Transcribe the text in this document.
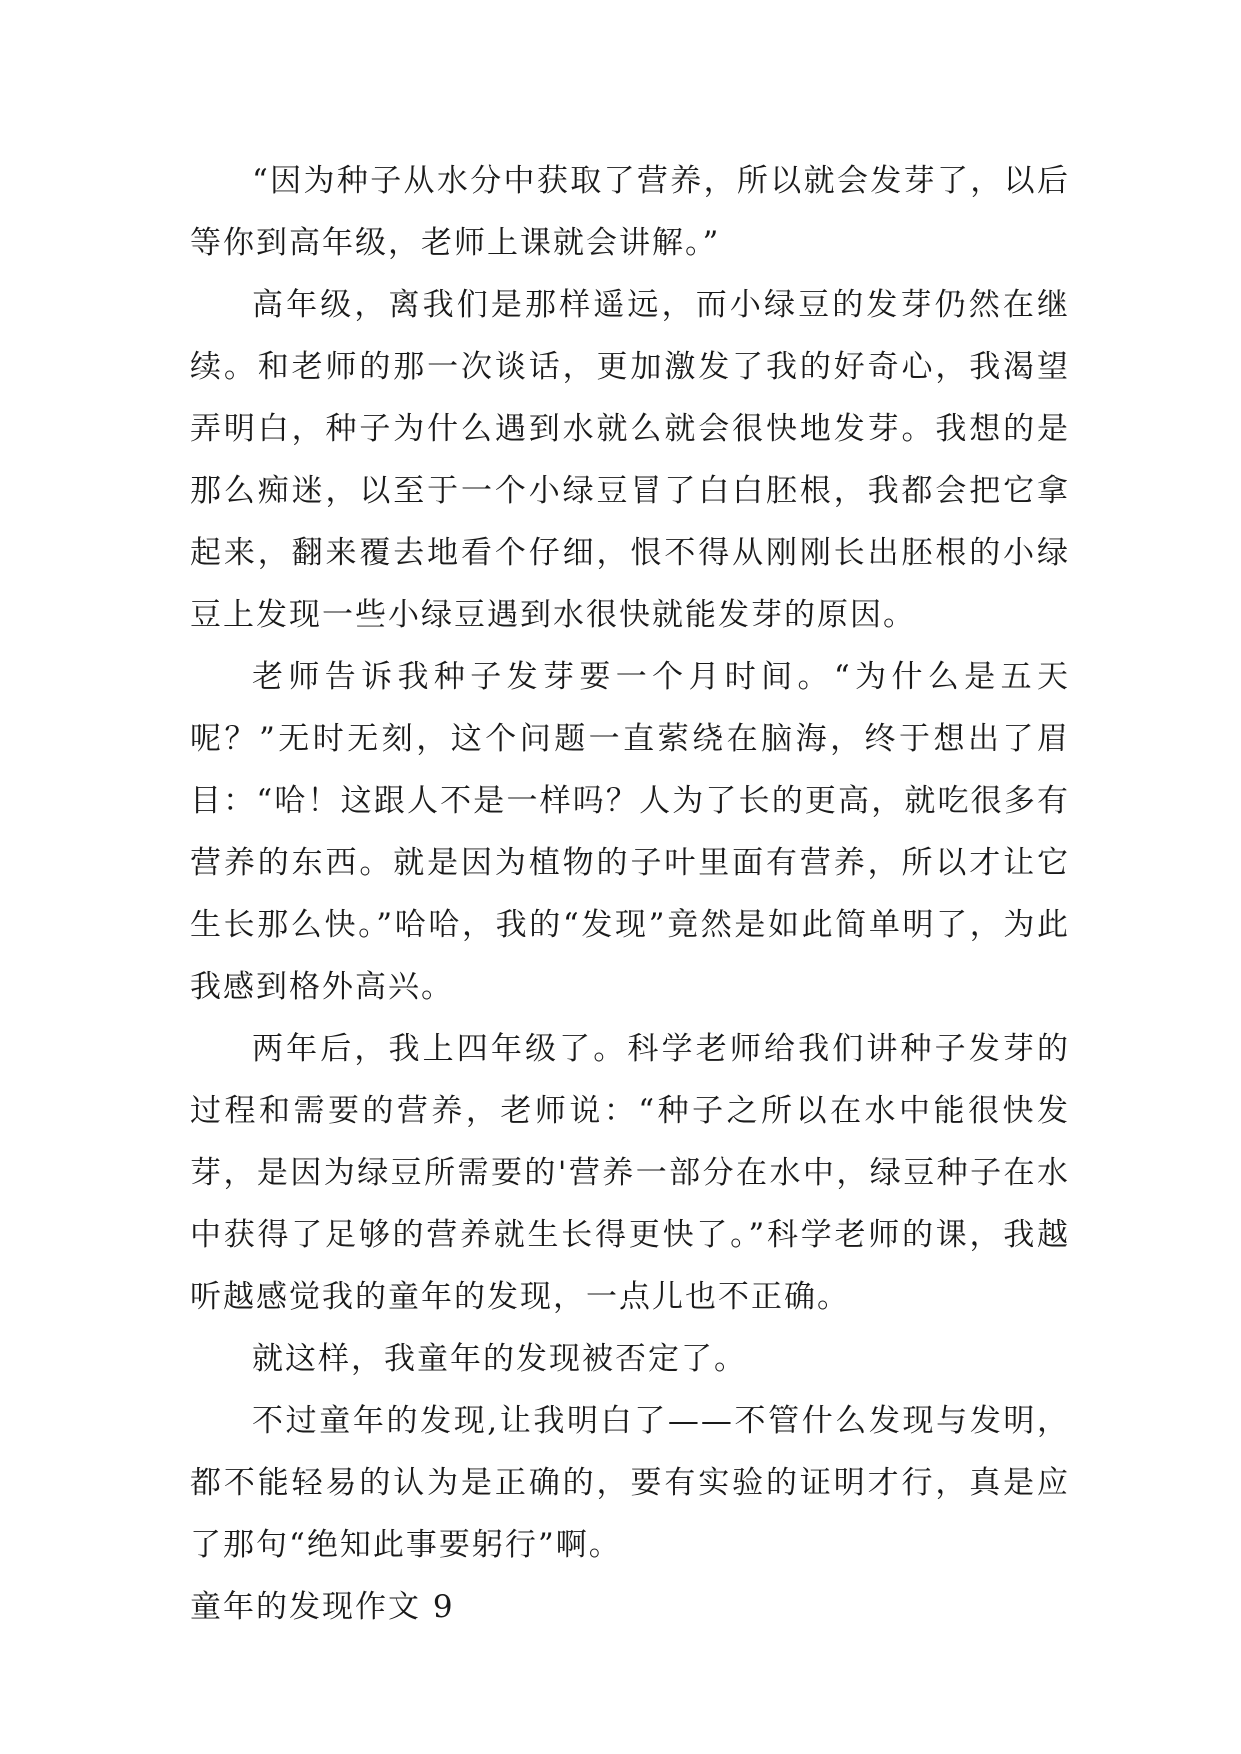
“因为种子从水分中获取了营养，所以就会发芽了，以后等你到高年级，老师上课就会讲解。”

高年级，离我们是那样遥远，而小绿豆的发芽仍然在继续。和老师的那一次谈话，更加激发了我的好奇心，我渴望弄明白，种子为什么遇到水就么就会很快地发芽。我想的是那么痴迷，以至于一个小绿豆冒了白白胚根，我都会把它拿起来，翻来覆去地看个仔细，恨不得从刚刚长出胚根的小绿豆上发现一些小绿豆遇到水很快就能发芽的原因。

老师告诉我种子发芽要一个月时间。“为什么是五天呢？”无时无刻，这个问题一直萦绕在脑海，终于想出了眉目：“哈！这跟人不是一样吗？人为了长的更高，就吃很多有营养的东西。就是因为植物的子叶里面有营养，所以才让它生长那么快。”哈哈，我的“发现”竟然是如此简单明了，为此我感到格外高兴。

两年后，我上四年级了。科学老师给我们讲种子发芽的过程和需要的营养，老师说：“种子之所以在水中能很快发芽，是因为绿豆所需要的'营养一部分在水中，绿豆种子在水中获得了足够的营养就生长得更快了。”科学老师的课，我越听越感觉我的童年的发现，一点儿也不正确。

就这样，我童年的发现被否定了。

不过童年的发现,让我明白了——不管什么发现与发明，都不能轻易的认为是正确的，要有实验的证明才行，真是应了那句“绝知此事要躬行”啊。

童年的发现作文 9
